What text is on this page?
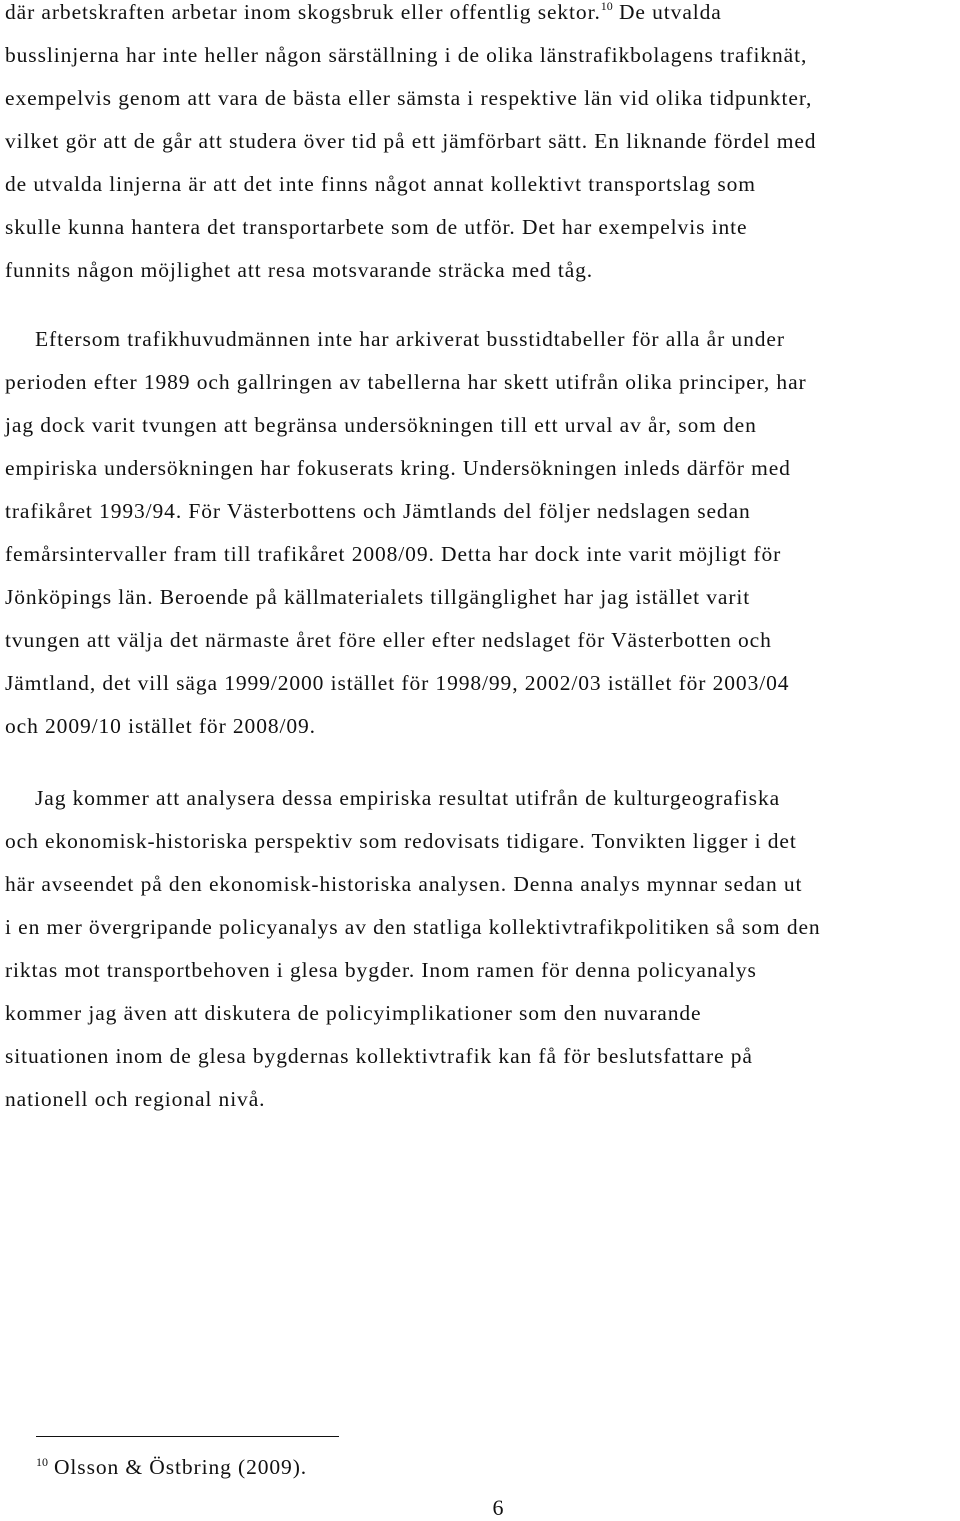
där arbetskraften arbetar inom skogsbruk eller offentlig sektor.$^{10}$ De utvalda
busslinjerna har inte heller någon särställning i de olika länstrafikbolagens trafiknät,
exempelvis genom att vara de bästa eller sämsta i respektive län vid olika tidpunkter,
vilket gör att de går att studera över tid på ett jämförbart sätt. En liknande fördel med
de utvalda linjerna är att det inte finns något annat kollektivt transportslag som
skulle kunna hantera det transportarbete som de utför. Det har exempelvis inte
funnits någon möjlighet att resa motsvarande sträcka med tåg.
Eftersom trafikhuvudmännen inte har arkiverat busstidtabeller för alla år under
perioden efter 1989 och gallringen av tabellerna har skett utifrån olika principer, har
jag dock varit tvungen att begränsa undersökningen till ett urval av år, som den
empiriska undersökningen har fokuserats kring. Undersökningen inleds därför med
trafikåret 1993/94. För Västerbottens och Jämtlands del följer nedslagen sedan
femårsintervaller fram till trafikåret 2008/09. Detta har dock inte varit möjligt för
Jönköpings län. Beroende på källmaterialets tillgänglighet har jag istället varit
tvungen att välja det närmaste året före eller efter nedslaget för Västerbotten och
Jämtland, det vill säga 1999/2000 istället för 1998/99, 2002/03 istället för 2003/04
och 2009/10 istället för 2008/09.
Jag kommer att analysera dessa empiriska resultat utifrån de kulturgeografiska
och ekonomisk-historiska perspektiv som redovisats tidigare. Tonvikten ligger i det
här avseendet på den ekonomisk-historiska analysen. Denna analys mynnar sedan ut
i en mer övergripande policyanalys av den statliga kollektivtrafikpolitiken så som den
riktas mot transportbehoven i glesa bygder. Inom ramen för denna policyanalys
kommer jag även att diskutera de policyimplikationer som den nuvarande
situationen inom de glesa bygdernas kollektivtrafik kan få för beslutsfattare på
nationell och regional nivå.
$^{10}$ Olsson & Östbring (2009).
6
